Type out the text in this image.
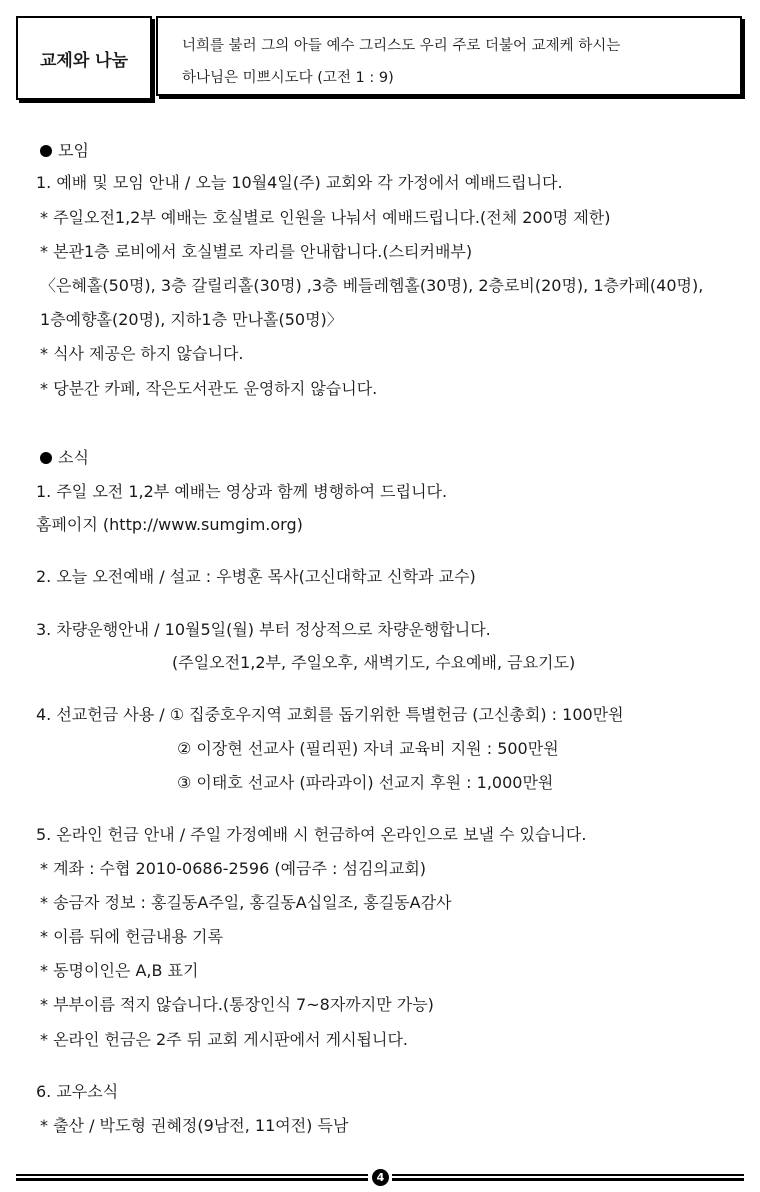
교제와 나눔
너희를 불러 그의 아들 예수 그리스도 우리 주로 더불어 교제케 하시는
하나님은 미쁘시도다 (고전 1 : 9)
모임
1. 예배 및 모임 안내 / 오늘 10월4일(주) 교회와 각 가정에서 예배드립니다.
* 주일오전1,2부 예배는 호실별로 인원을 나눠서 예배드립니다.(전체 200명 제한)
* 본관1층 로비에서 호실별로 자리를 안내합니다.(스티커배부)
〈은혜홀(50명), 3층 갈릴리홀(30명) ,3층 베들레헴홀(30명), 2층로비(20명), 1층카페(40명),
1층예향홀(20명), 지하1층 만나홀(50명)〉
* 식사 제공은 하지 않습니다.
* 당분간 카페, 작은도서관도 운영하지 않습니다.
소식
1. 주일 오전 1,2부 예배는 영상과 함께 병행하여 드립니다.
홈페이지 (http://www.sumgim.org)
2. 오늘 오전예배 / 설교 : 우병훈 목사(고신대학교 신학과 교수)
3. 차량운행안내 / 10월5일(월) 부터 정상적으로 차량운행합니다.
(주일오전1,2부, 주일오후, 새벽기도, 수요예배, 금요기도)
4. 선교헌금 사용 / ① 집중호우지역 교회를 돕기위한 특별헌금 (고신총회) : 100만원
② 이장현 선교사 (필리핀) 자녀 교육비 지원 : 500만원
③ 이태호 선교사 (파라과이) 선교지 후원 : 1,000만원
5. 온라인 헌금 안내 / 주일 가정예배 시 헌금하여 온라인으로 보낼 수 있습니다.
* 계좌 : 수협 2010-0686-2596 (예금주 : 섬김의교회)
* 송금자 정보 : 홍길동A주일, 홍길동A십일조, 홍길동A감사
* 이름 뒤에 헌금내용 기록
* 동명이인은 A,B 표기
* 부부이름 적지 않습니다.(통장인식 7~8자까지만 가능)
* 온라인 헌금은 2주 뒤 교회 게시판에서 게시됩니다.
6. 교우소식
* 출산 / 박도형 권혜정(9남전, 11여전) 득남
4
